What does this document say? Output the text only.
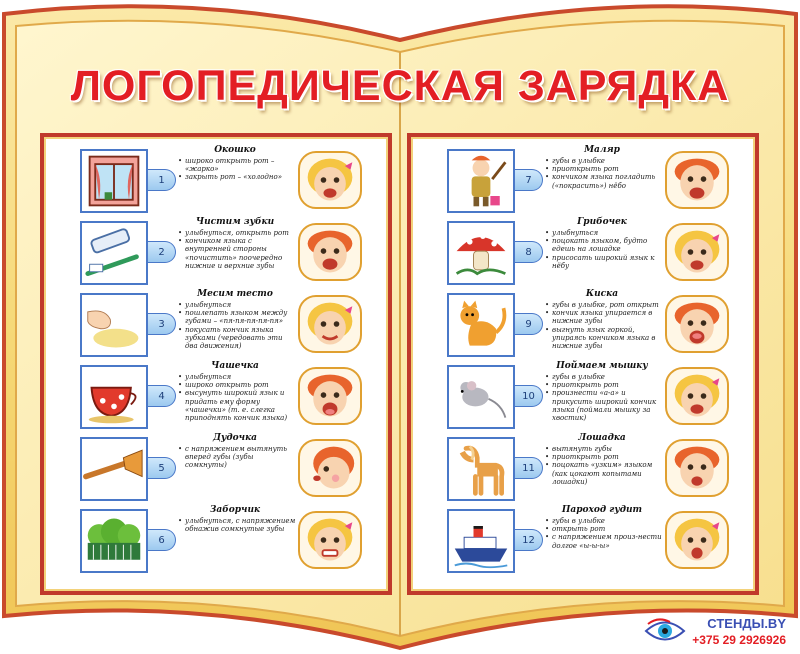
ЛОГОПЕДИЧЕСКАЯ ЗАРЯДКА
1
Окошко
• широко открыть рот – «жарко»
• закрыть рот – «холодно»
2
Чистим зубки
• улыбнуться, открыть рот
• кончиком языка с внутренней стороны «почистить» поочередно нижние и верхние зубы
3
Месим тесто
• улыбнуться
• пошлепать языком между губами – «пя-пя-пя-пя-пя»
• покусать кончик языка зубками (чередовать эти два движения)
4
Чашечка
• улыбнуться
• широко открыть рот
• высунуть широкий язык и придать ему форму «чашечки» (т. е. слегка приподнять кончик языка)
5
Дудочка
• с напряжением вытянуть вперед губы (зубы сомкнуты)
6
Заборчик
• улыбнуться, с напряжением обнажив сомкнутые зубы
7
Маляр
• губы в улыбке
• приоткрыть рот
• кончиком языка погладить («покрасить») нёбо
8
Грибочек
• улыбнуться
• поцокать языком, будто едешь на лошадке
• присосать широкий язык к нёбу
9
Киска
• губы в улыбке, рот открыт
• кончик языка упирается в нижние зубы
• выгнуть язык горкой, упираясь кончиком языка в нижние зубы
10
Поймаем мышку
• губы в улыбке
• приоткрыть рот
• произнести «а-а» и прикусить широкий кончик языка (поймали мышку за хвостик)
11
Лошадка
• вытянуть губы
• приоткрыть рот
• поцокать «узким» языком (как цокают копытами лошадки)
12
Пароход гудит
• губы в улыбке
• открыть рот
• с напряжением произ-нести долгое «ы-ы-ы»
СТЕНДЫ.BY
+375 29 2926926
